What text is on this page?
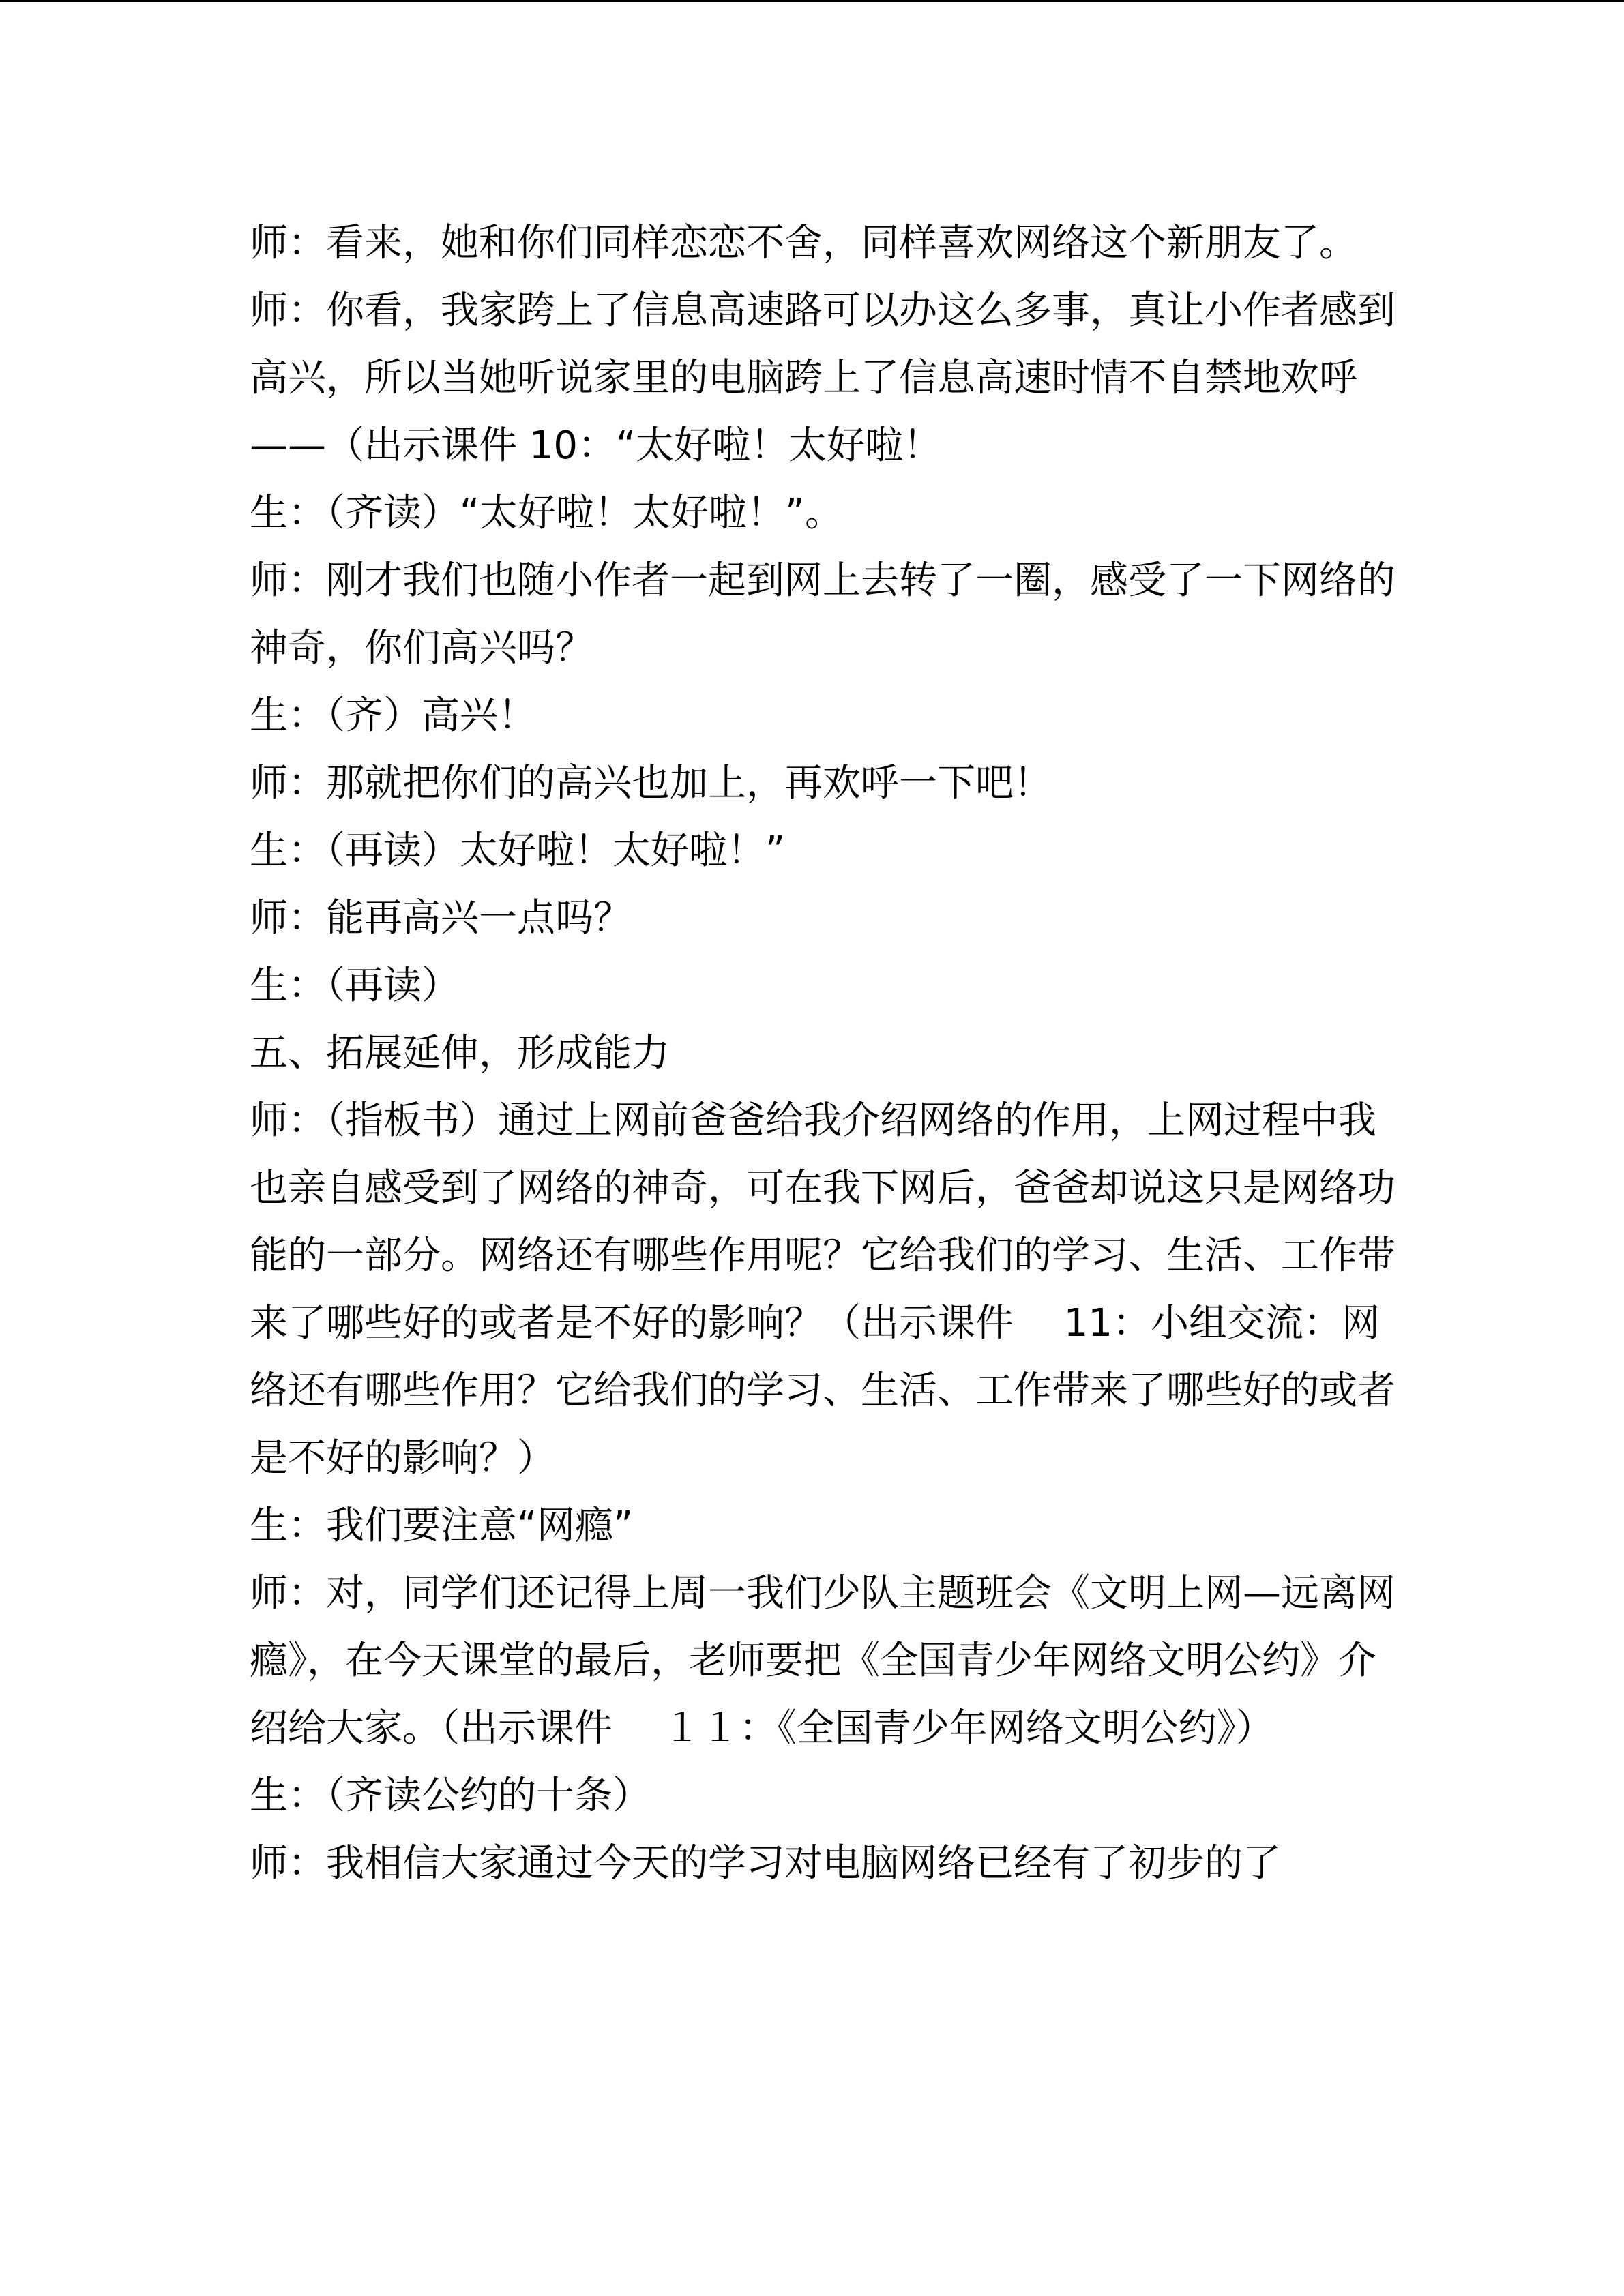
师：看来，她和你们同样恋恋不舍，同样喜欢网络这个新朋友了。

师：你看，我家跨上了信息高速路可以办这么多事，真让小作者感到高兴，所以当她听说家里的电脑跨上了信息高速时情不自禁地欢呼——（出示课件 10：“太好啦！太好啦！

生：（齐读）“太好啦！太好啦！”。

师：刚才我们也随小作者一起到网上去转了一圈，感受了一下网络的神奇，你们高兴吗？

生：（齐）高兴！

师：那就把你们的高兴也加上，再欢呼一下吧！

生：（再读）太好啦！太好啦！”

师：能再高兴一点吗？

生：（再读）

五、拓展延伸，形成能力

师：（指板书）通过上网前爸爸给我介绍网络的作用，上网过程中我也亲自感受到了网络的神奇，可在我下网后，爸爸却说这只是网络功能的一部分。网络还有哪些作用呢？它给我们的学习、生活、工作带来了哪些好的或者是不好的影响？（出示课件　 11：小组交流：网络还有哪些作用？它给我们的学习、生活、工作带来了哪些好的或者是不好的影响？）

生：我们要注意“网瘾”

师：对，同学们还记得上周一我们少队主题班会《文明上网—远离网瘾》，在今天课堂的最后，老师要把《全国青少年网络文明公约》介绍给大家。（出示课件　 １１：《全国青少年网络文明公约》）

生：（齐读公约的十条）

师：我相信大家通过今天的学习对电脑网络已经有了初步的了
